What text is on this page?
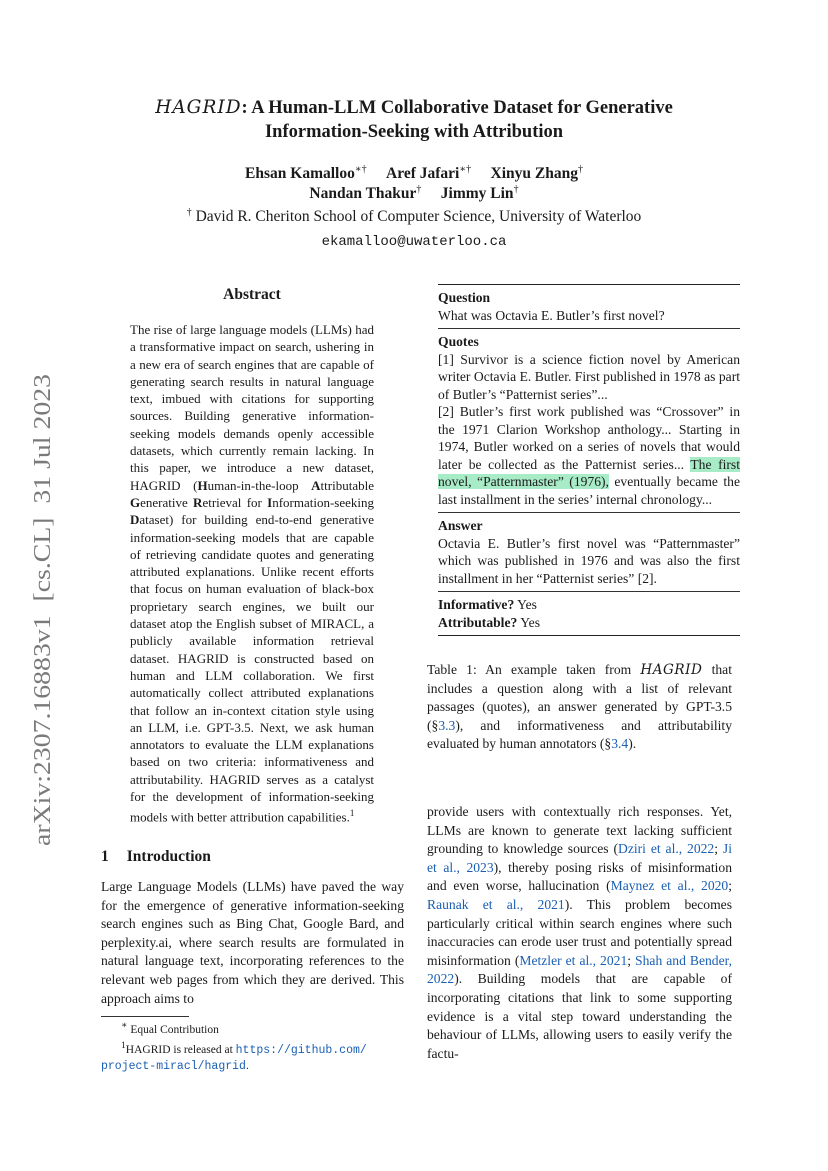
HAGRID: A Human-LLM Collaborative Dataset for Generative
Information-Seeking with Attribution
Ehsan Kamalloo∗† Aref Jafari∗† Xinyu Zhang†
Nandan Thakur† Jimmy Lin†
† David R. Cheriton School of Computer Science, University of Waterloo
ekamalloo@uwaterloo.ca
arXiv:2307.16883v1  [cs.CL]  31 Jul 2023
Abstract

The rise of large language models (LLMs) had a transformative impact on search, ushering in a new era of search engines that are capable of generating search results in natural language text, imbued with citations for supporting sources. Building generative information-seeking models demands openly accessible datasets, which currently remain lacking. In this paper, we introduce a new dataset, HAGRID (Human-in-the-loop Attributable Generative Retrieval for Information-seeking Dataset) for building end-to-end generative information-seeking models that are capable of retrieving candidate quotes and generating attributed explanations. Unlike recent efforts that focus on human evaluation of black-box proprietary search engines, we built our dataset atop the English subset of MIRACL, a publicly available information retrieval dataset. HAGRID is constructed based on human and LLM collaboration. We first automatically collect attributed explanations that follow an in-context citation style using an LLM, i.e. GPT-3.5. Next, we ask human annotators to evaluate the LLM explanations based on two criteria: informativeness and attributability. HAGRID serves as a catalyst for the development of information-seeking models with better attribution capabilities.$^1$

1 Introduction

Large Language Models (LLMs) have paved the way for the emergence of generative information-seeking search engines such as Bing Chat, Google Bard, and perplexity.ai, where search results are formulated in natural language text, incorporating references to the relevant web pages from which they are derived. This approach aims to

∗ Equal Contribution

$^1$HAGRID is released at https://github.com/

project-miracl/hagrid.

Question
What was Octavia E. Butler’s first novel?
Quotes

[1] Survivor is a science fiction novel by American writer Octavia E. Butler. First published in 1978 as part of Butler’s “Patternist series”...

[2] Butler’s first work published was “Crossover” in the 1971 Clarion Workshop anthology... Starting in 1974, Butler worked on a series of novels that would later be collected as the Patternist series... The first novel, “Patternmaster” (1976), eventually became the last installment in the series’ internal chronology...

Answer

Octavia E. Butler’s first novel was “Patternmaster” which was published in 1976 and was also the first installment in her “Patternist series” [2].

Informative? Yes
Attributable? Yes
Table 1: An example taken from HAGRID that includes a question along with a list of relevant passages (quotes), an answer generated by GPT-3.5 (§3.3), and informativeness and attributability evaluated by human annotators (§3.4).

provide users with contextually rich responses. Yet, LLMs are known to generate text lacking sufficient grounding to knowledge sources (Dziri et al., 2022; Ji et al., 2023), thereby posing risks of misinformation and even worse, hallucination (Maynez et al., 2020; Raunak et al., 2021). This problem becomes particularly critical within search engines where such inaccuracies can erode user trust and potentially spread misinformation (Metzler et al., 2021; Shah and Bender, 2022). Building models that are capable of incorporating citations that link to some supporting evidence is a vital step toward understanding the behaviour of LLMs, allowing users to easily verify the factu-
